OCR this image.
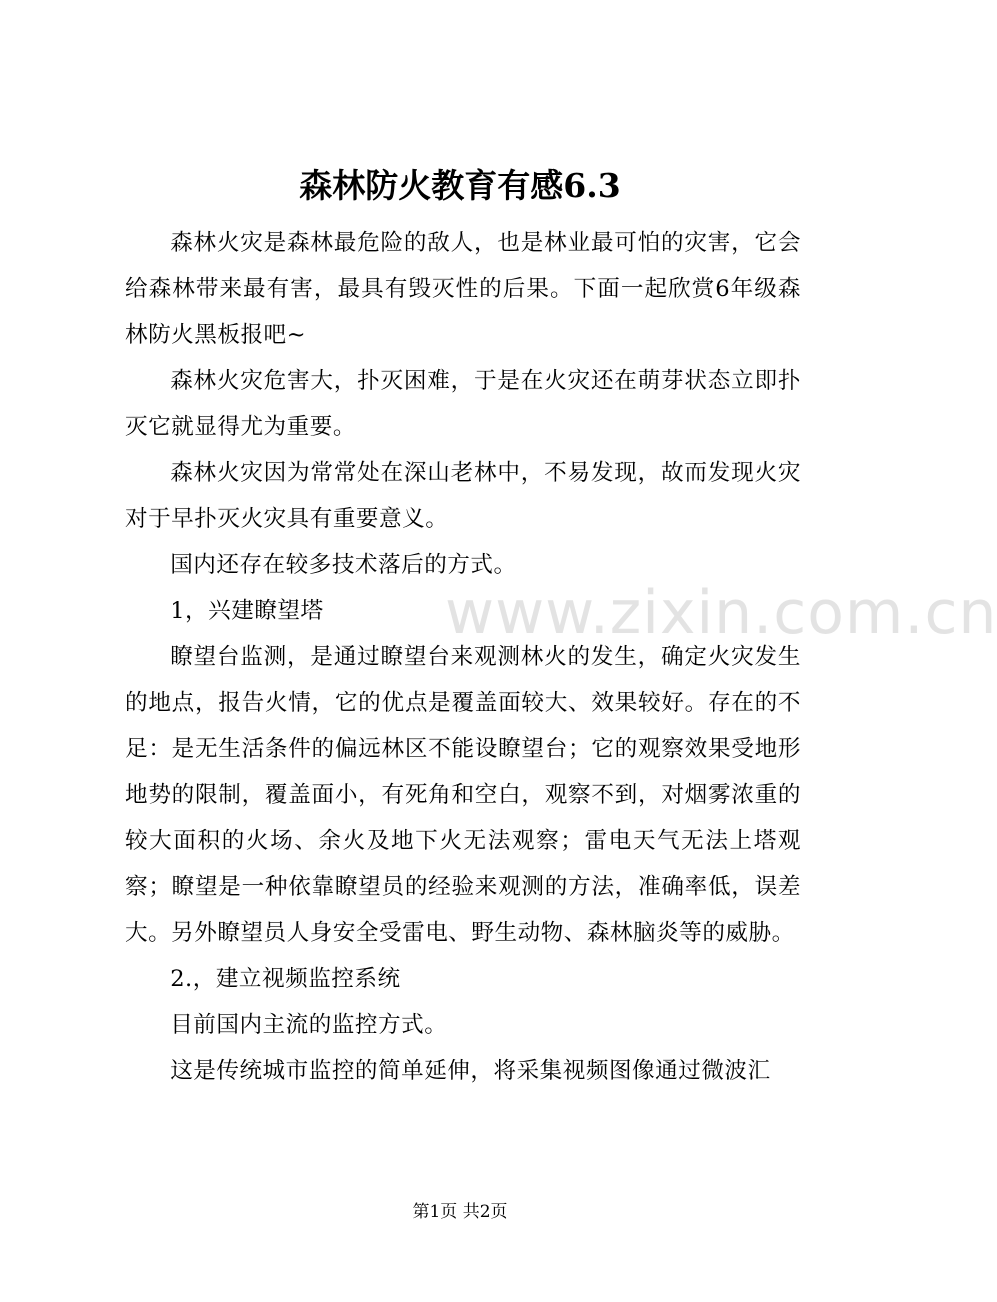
www.zixin.com.cn
森林防火教育有感6.3

森林火灾是森林最危险的敌人，也是林业最可怕的灾害，它会给森林带来最有害，最具有毁灭性的后果。下面一起欣赏6年级森林防火黑板报吧~

森林火灾危害大，扑灭困难，于是在火灾还在萌芽状态立即扑灭它就显得尤为重要。

森林火灾因为常常处在深山老林中，不易发现，故而发现火灾对于早扑灭火灾具有重要意义。

国内还存在较多技术落后的方式。

1，兴建瞭望塔

瞭望台监测，是通过瞭望台来观测林火的发生，确定火灾发生的地点，报告火情，它的优点是覆盖面较大、效果较好。存在的不足：是无生活条件的偏远林区不能设瞭望台；它的观察效果受地形地势的限制，覆盖面小，有死角和空白，观察不到，对烟雾浓重的较大面积的火场、余火及地下火无法观察；雷电天气无法上塔观察；瞭望是一种依靠瞭望员的经验来观测的方法，准确率低，误差大。另外瞭望员人身安全受雷电、野生动物、森林脑炎等的威胁。

2.，建立视频监控系统

目前国内主流的监控方式。

这是传统城市监控的简单延伸，将采集视频图像通过微波汇

第1页 共2页
